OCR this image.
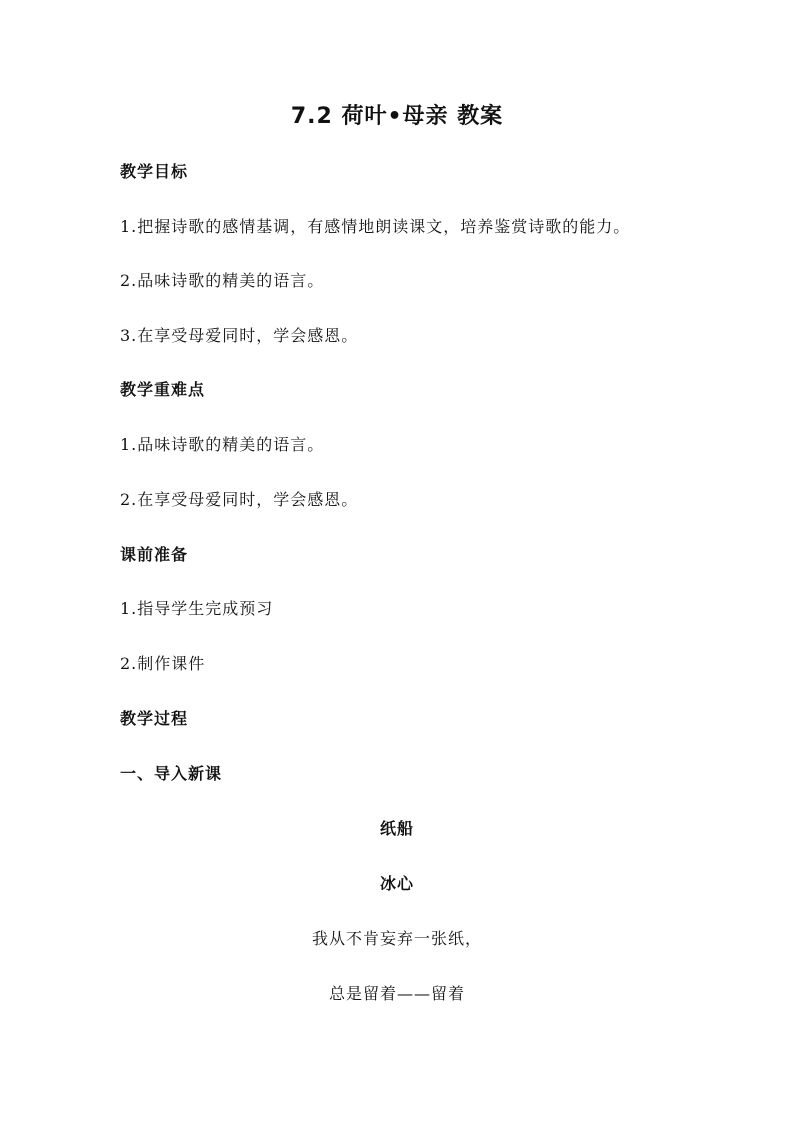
7.2 荷叶•母亲 教案
教学目标
1.把握诗歌的感情基调，有感情地朗读课文，培养鉴赏诗歌的能力。
2.品味诗歌的精美的语言。
3.在享受母爱同时，学会感恩。
教学重难点
1.品味诗歌的精美的语言。
2.在享受母爱同时，学会感恩。
课前准备
1.指导学生完成预习
2.制作课件
教学过程
一、导入新课
纸船
冰心
我从不肯妄弃一张纸，
总是留着——留着
